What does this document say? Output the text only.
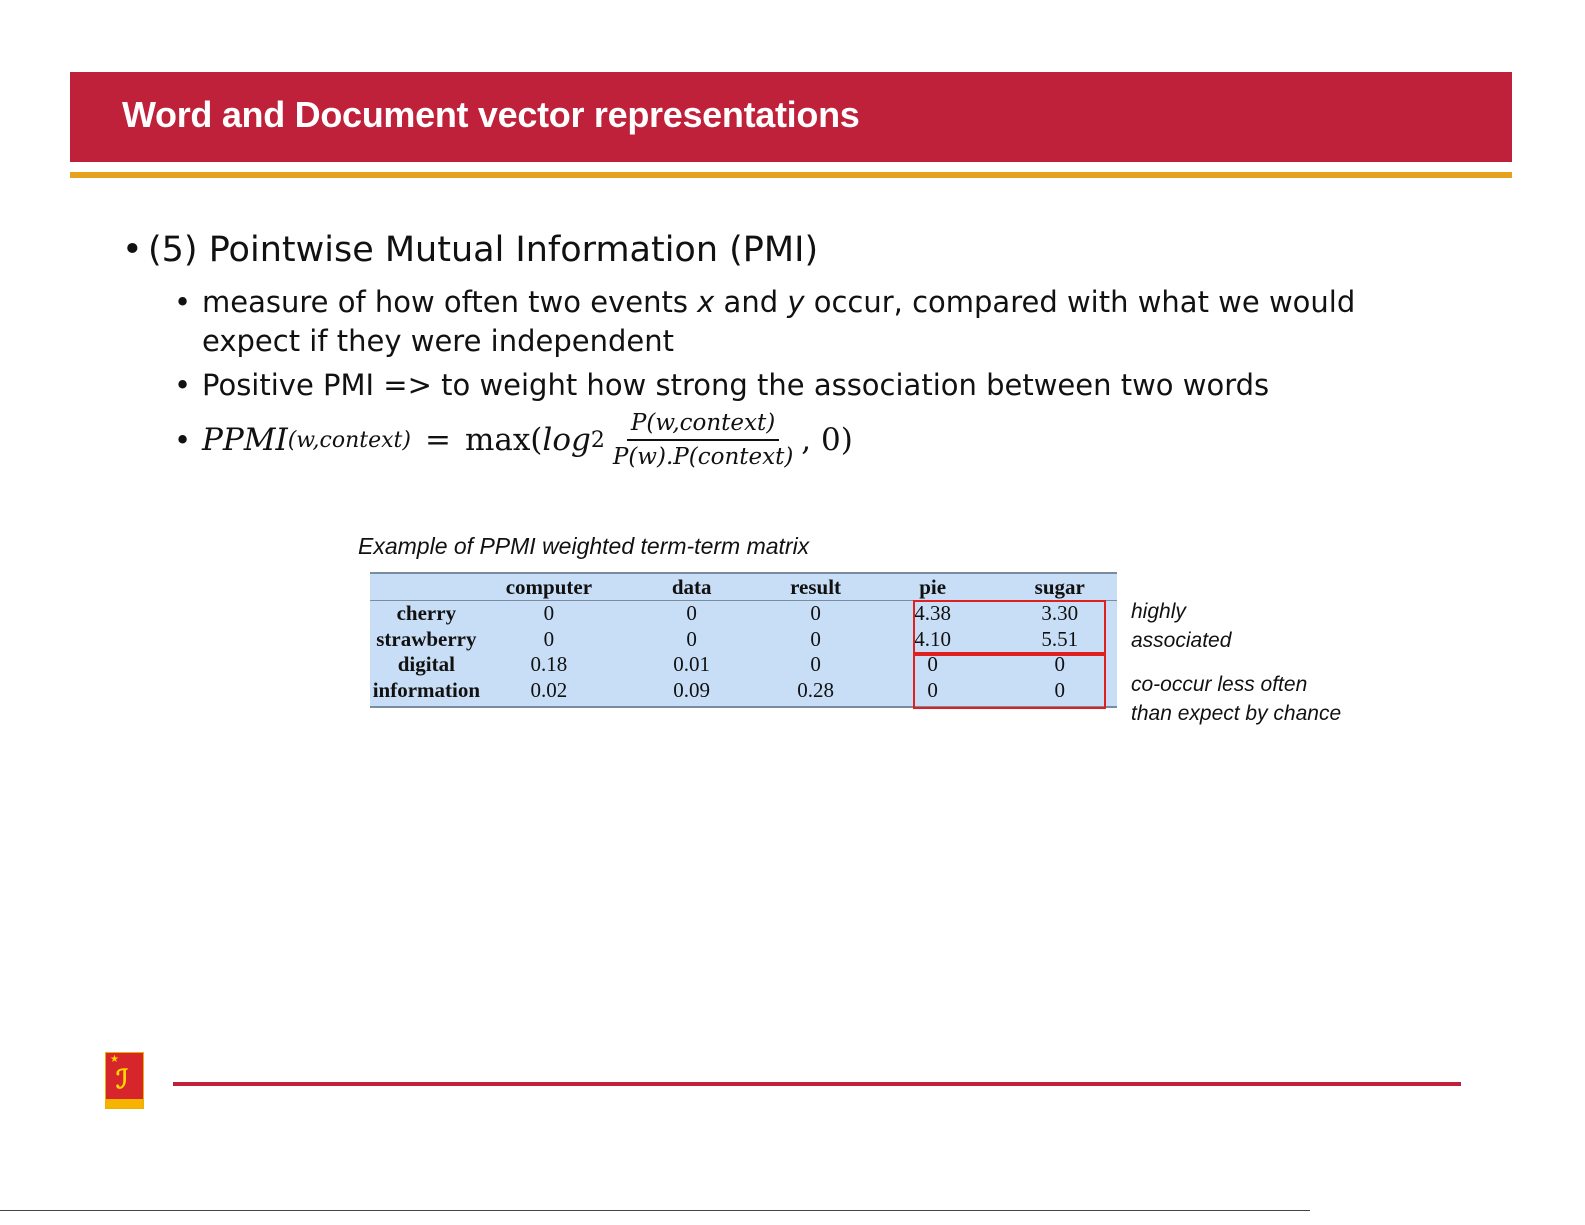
Word and Document vector representations
• (5) Pointwise Mutual Information (PMI)
• measure of how often two events x and y occur, compared with what we would expect if they were independent
• Positive PMI => to weight how strong the association between two words
• PPMI (w,context) = max( $\log 2 \frac{\text{P(w,context)}}{\text{P(w).P(context)}}$ , 0)
Example of PPMI weighted term-term matrix
	computer	data	result	pie	sugar
cherry	0	0	0	4.38	3.30
strawberry	0	0	0	4.10	5.51
digital	0.18	0.01	0	0	0
information	0.02	0.09	0.28	0	0
highly
associated
co-occur less often
than expect by chance
★
ℐ
